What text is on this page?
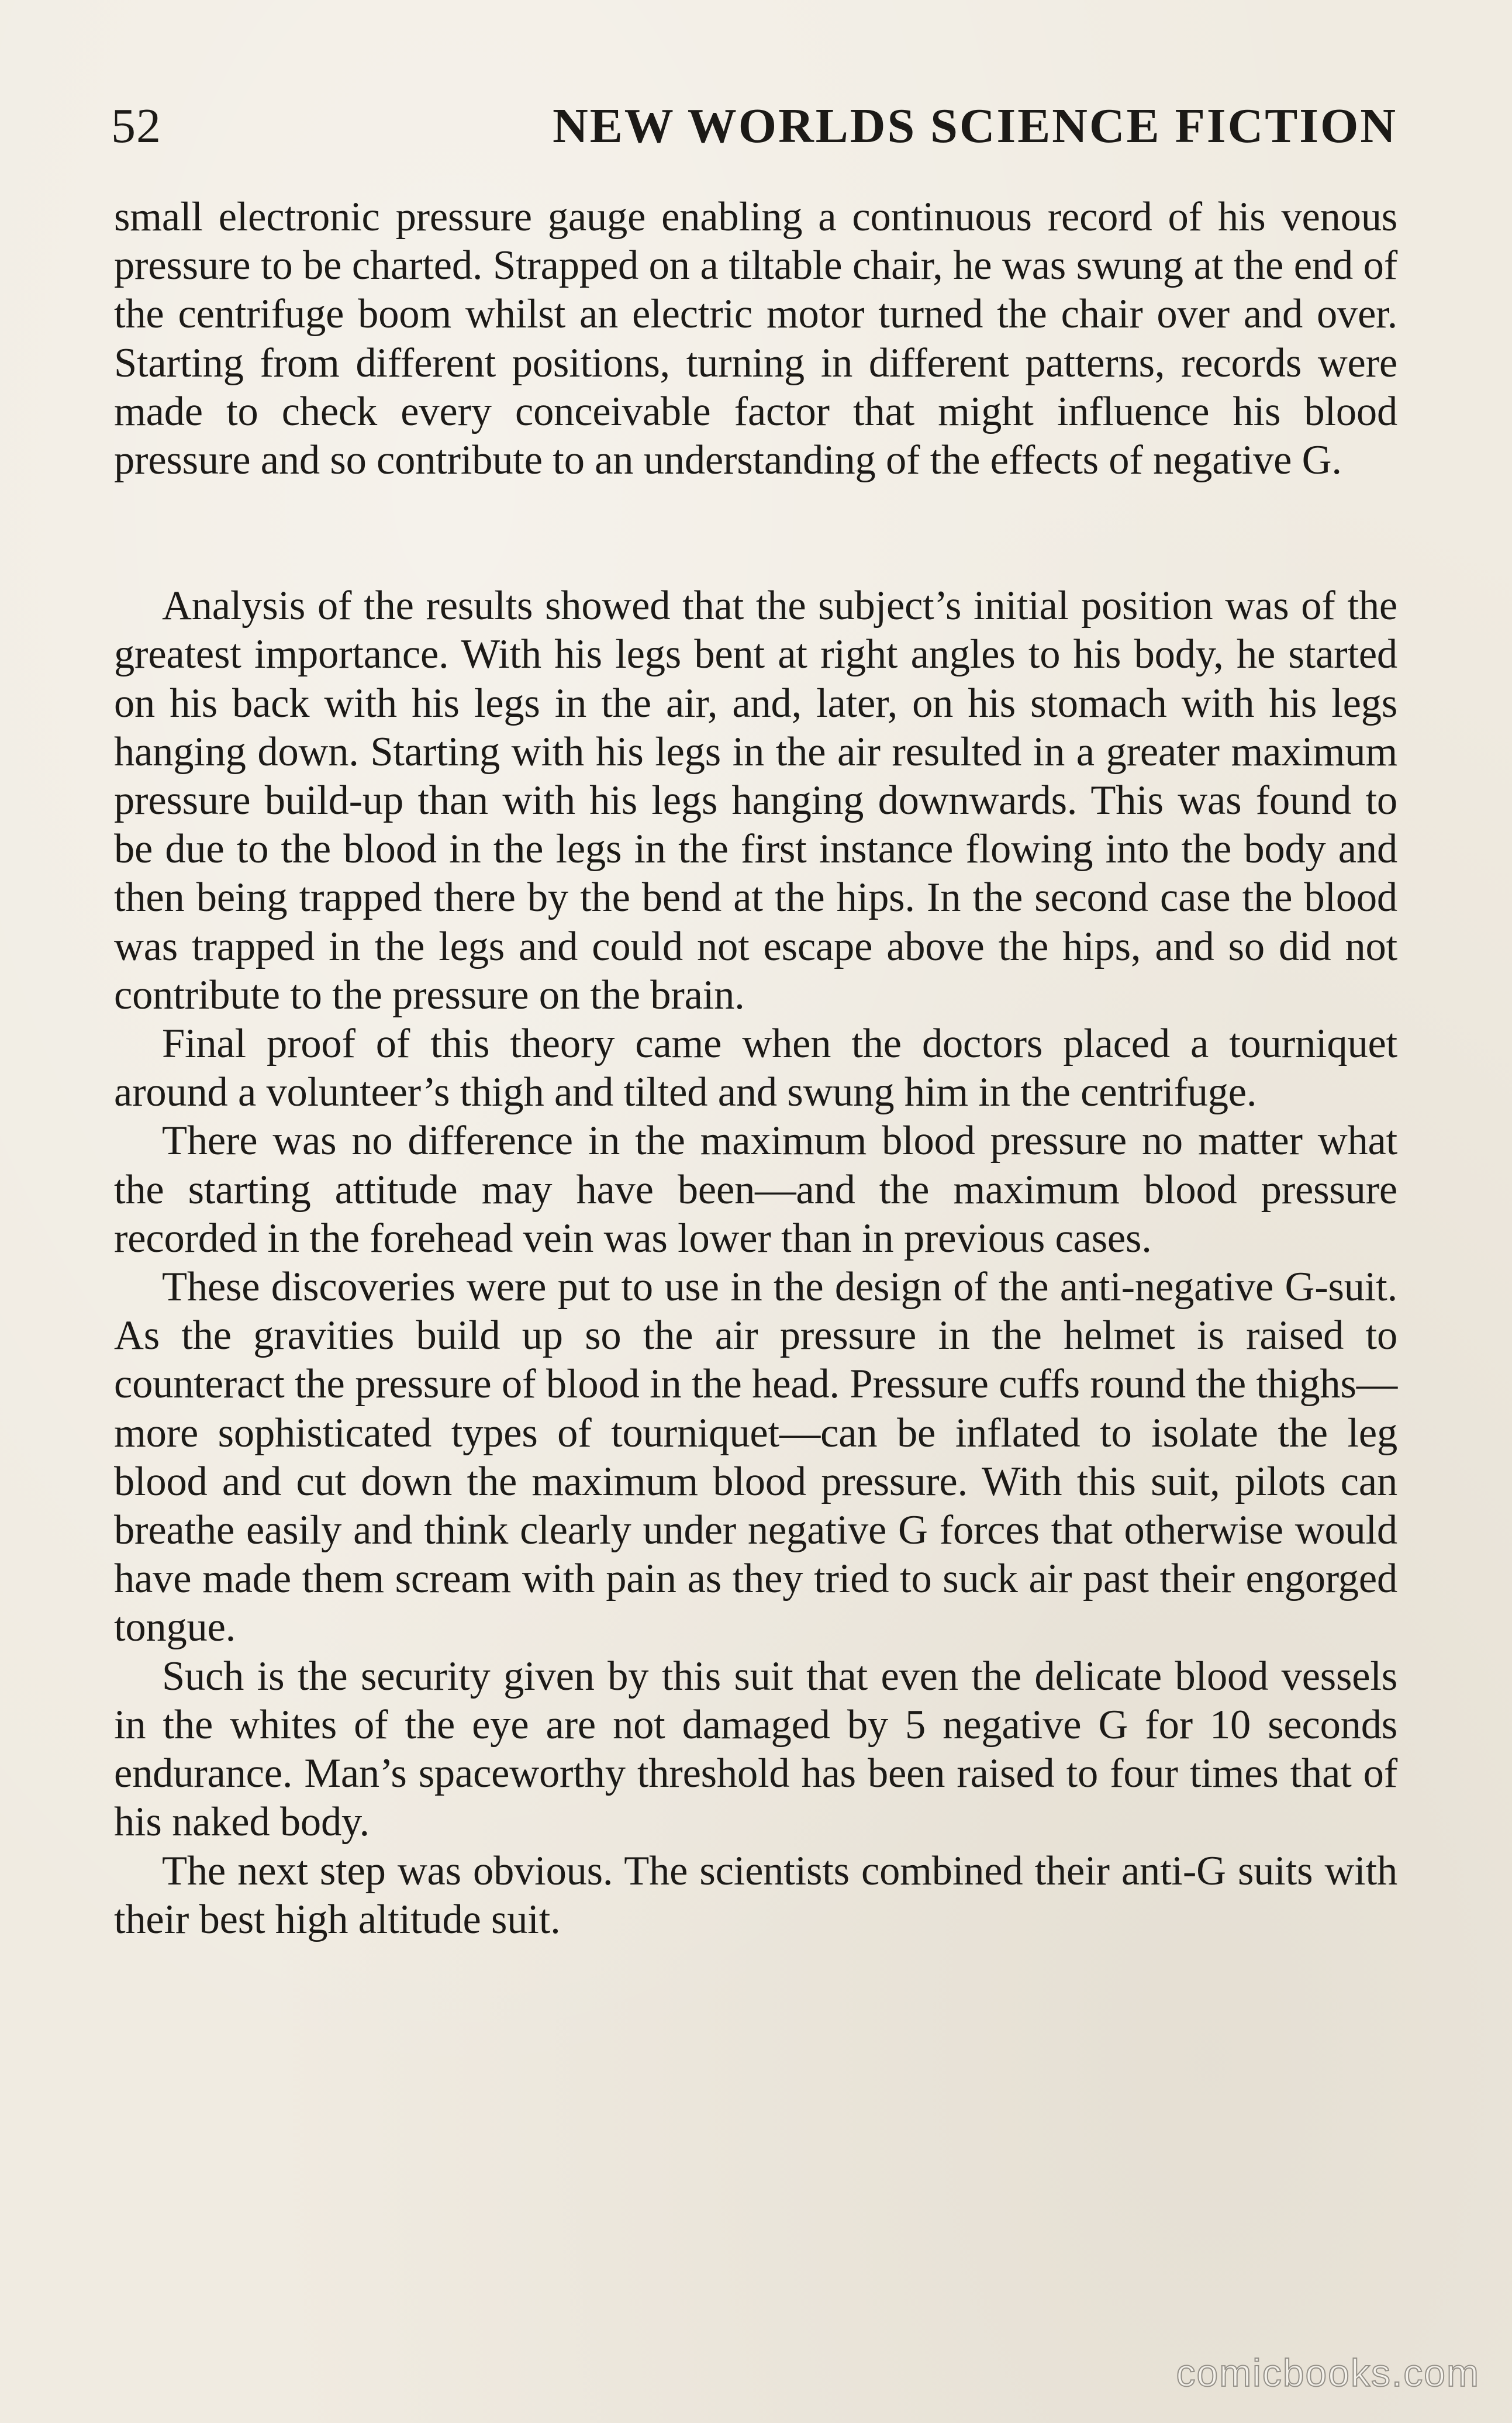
52	NEW WORLDS SCIENCE FICTION

small electronic pressure gauge enabling a continuous record of his venous pressure to be charted. Strapped on a tiltable chair, he was swung at the end of the centrifuge boom whilst an electric motor turned the chair over and over. Starting from different positions, turning in different patterns, records were made to check every conceivable factor that might influence his blood pressure and so contribute to an understanding of the effects of negative G.

Analysis of the results showed that the subject’s initial position was of the greatest importance. With his legs bent at right angles to his body, he started on his back with his legs in the air, and, later, on his stomach with his legs hanging down. Starting with his legs in the air resulted in a greater maximum pressure build-up than with his legs hanging downwards. This was found to be due to the blood in the legs in the first instance flowing into the body and then being trapped there by the bend at the hips. In the second case the blood was trapped in the legs and could not escape above the hips, and so did not contribute to the pressure on the brain.

Final proof of this theory came when the doctors placed a tourniquet around a volunteer’s thigh and tilted and swung him in the centrifuge.

There was no difference in the maximum blood pressure no matter what the starting attitude may have been—and the maximum blood pressure recorded in the forehead vein was lower than in previous cases.

These discoveries were put to use in the design of the anti-negative G-suit. As the gravities build up so the air pressure in the helmet is raised to counteract the pressure of blood in the head. Pressure cuffs round the thighs—more sophisticated types of tourniquet—can be inflated to isolate the leg blood and cut down the maximum blood pressure. With this suit, pilots can breathe easily and think clearly under negative G forces that otherwise would have made them scream with pain as they tried to suck air past their engorged tongue.

Such is the security given by this suit that even the delicate blood vessels in the whites of the eye are not damaged by 5 negative G for 10 seconds endurance. Man’s spaceworthy threshold has been raised to four times that of his naked body.

The next step was obvious. The scientists combined their anti-G suits with their best high altitude suit.

comicbooks.com
